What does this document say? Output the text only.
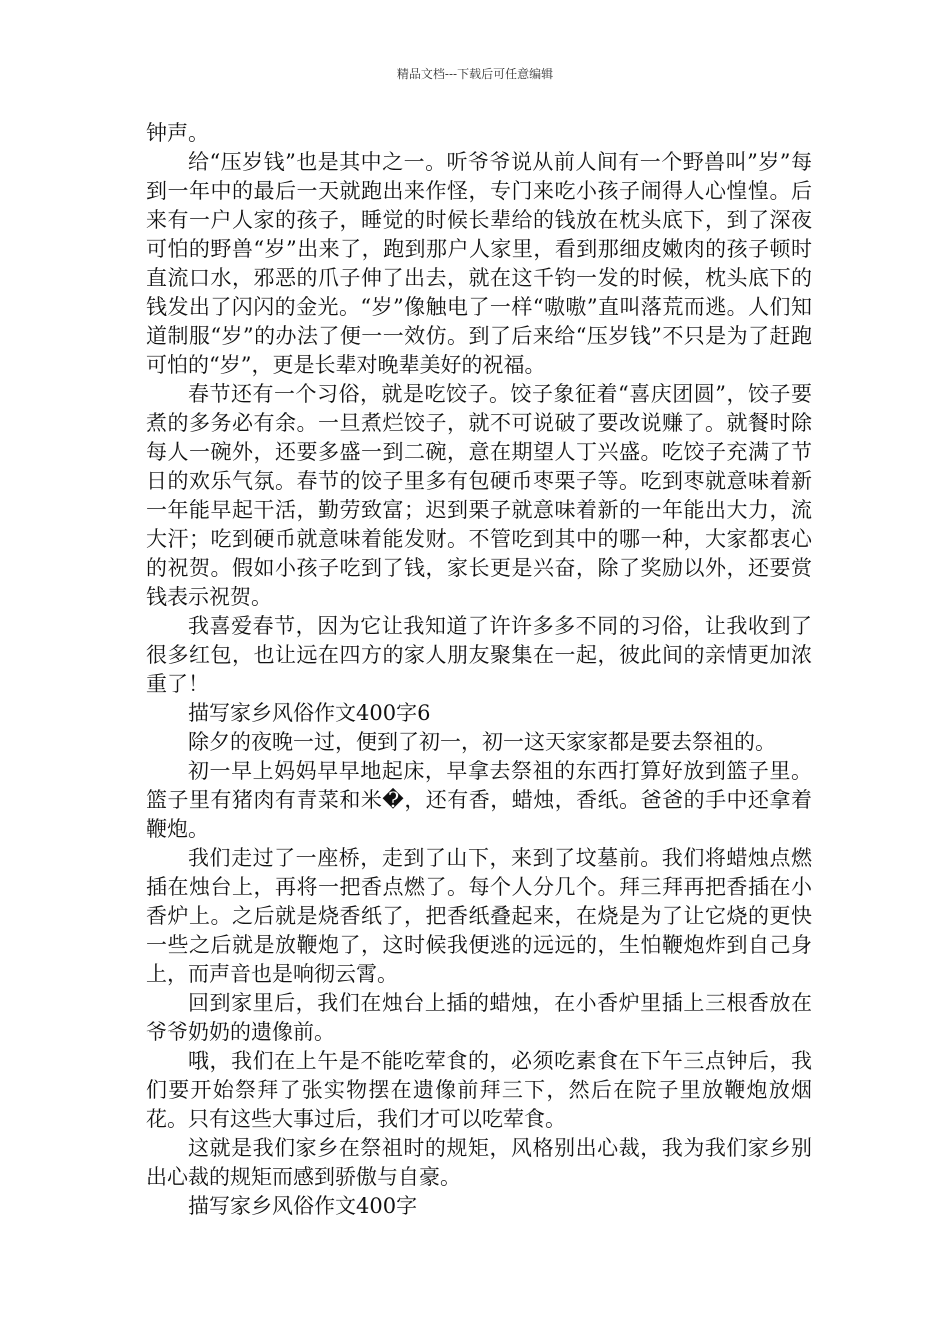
精品文档---下载后可任意编辑

钟声。

给“压岁钱”也是其中之一。听爷爷说从前人间有一个野兽叫”岁”每到一年中的最后一天就跑出来作怪，专门来吃小孩子闹得人心惶惶。后来有一户人家的孩子，睡觉的时候长辈给的钱放在枕头底下，到了深夜可怕的野兽“岁”出来了，跑到那户人家里，看到那细皮嫩肉的孩子顿时直流口水，邪恶的爪子伸了出去，就在这千钧一发的时候，枕头底下的钱发出了闪闪的金光。“岁”像触电了一样“嗷嗷”直叫落荒而逃。人们知道制服“岁”的办法了便一一效仿。到了后来给“压岁钱”不只是为了赶跑可怕的“岁”，更是长辈对晚辈美好的祝福。

春节还有一个习俗，就是吃饺子。饺子象征着“喜庆团圆”，饺子要煮的多务必有余。一旦煮烂饺子，就不可说破了要改说赚了。就餐时除每人一碗外，还要多盛一到二碗，意在期望人丁兴盛。吃饺子充满了节日的欢乐气氛。春节的饺子里多有包硬币枣栗子等。吃到枣就意味着新一年能早起干活，勤劳致富；迟到栗子就意味着新的一年能出大力，流大汗；吃到硬币就意味着能发财。不管吃到其中的哪一种，大家都衷心的祝贺。假如小孩子吃到了钱，家长更是兴奋，除了奖励以外，还要赏钱表示祝贺。

我喜爱春节，因为它让我知道了许许多多不同的习俗，让我收到了很多红包，也让远在四方的家人朋友聚集在一起，彼此间的亲情更加浓重了！

描写家乡风俗作文400字6

除夕的夜晚一过，便到了初一，初一这天家家都是要去祭祖的。

初一早上妈妈早早地起床，早拿去祭祖的东西打算好放到篮子里。篮子里有猪肉有青菜和米�，还有香，蜡烛，香纸。爸爸的手中还拿着鞭炮。

我们走过了一座桥，走到了山下，来到了坟墓前。我们将蜡烛点燃插在烛台上，再将一把香点燃了。每个人分几个。拜三拜再把香插在小香炉上。之后就是烧香纸了，把香纸叠起来，在烧是为了让它烧的更快一些之后就是放鞭炮了，这时候我便逃的远远的，生怕鞭炮炸到自己身上，而声音也是响彻云霄。

回到家里后，我们在烛台上插的蜡烛，在小香炉里插上三根香放在爷爷奶奶的遗像前。

哦，我们在上午是不能吃荤食的，必须吃素食在下午三点钟后，我们要开始祭拜了张实物摆在遗像前拜三下，然后在院子里放鞭炮放烟花。只有这些大事过后，我们才可以吃荤食。

这就是我们家乡在祭祖时的规矩，风格别出心裁，我为我们家乡别出心裁的规矩而感到骄傲与自豪。

描写家乡风俗作文400字
